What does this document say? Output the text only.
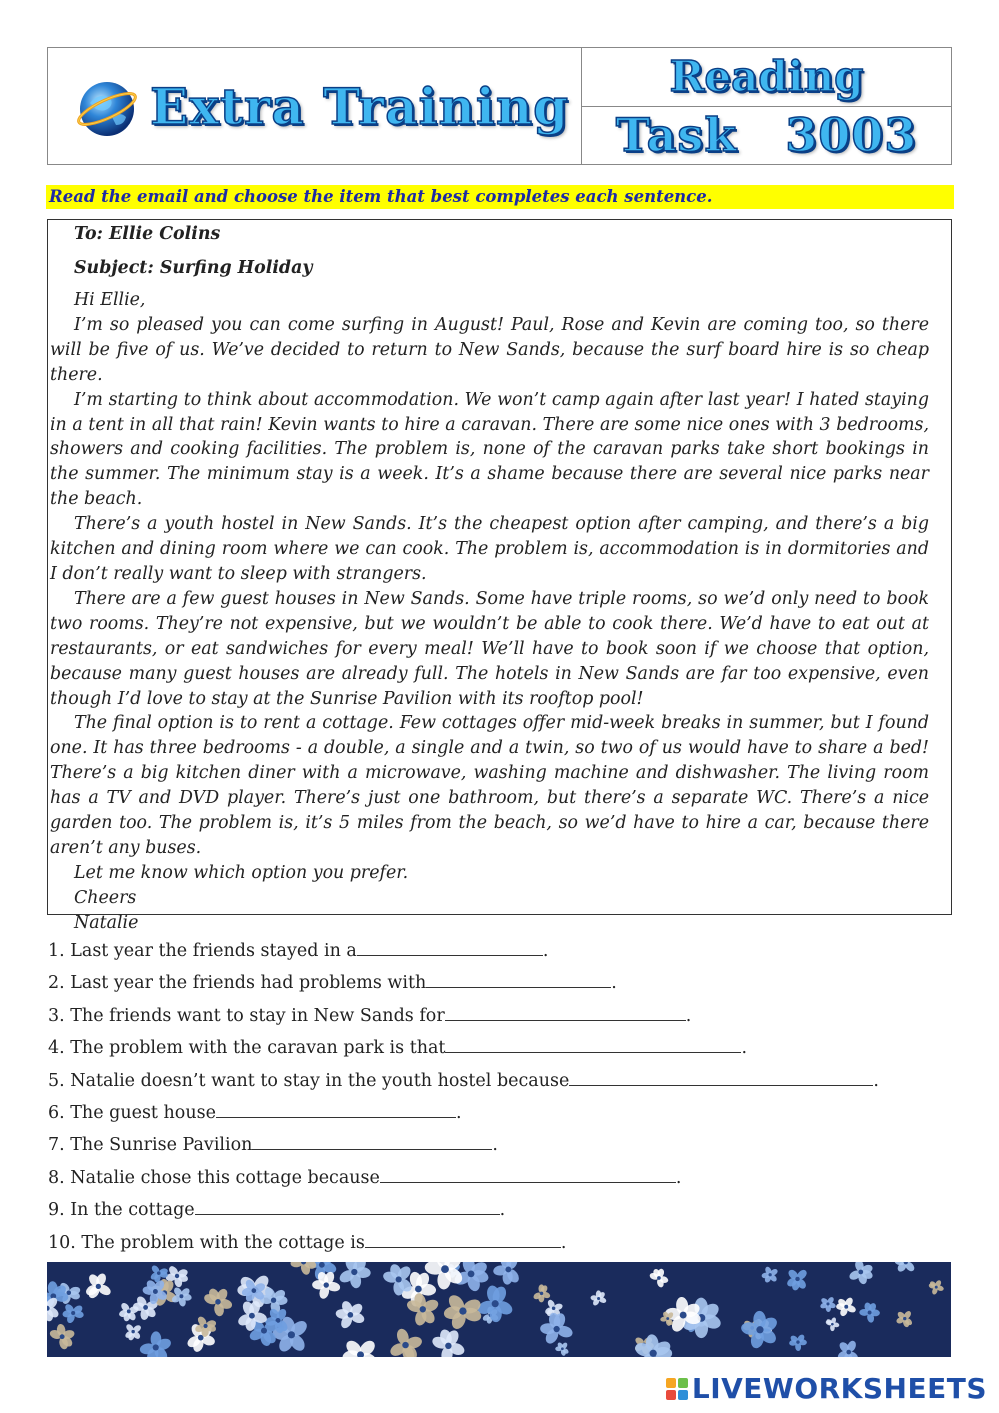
Extra Training	Reading
Task 3003
Read the email and choose the item that best completes each sentence.
To: Ellie Colins
Subject: Surfing Holiday

Hi Ellie,

I’m so pleased you can come surfing in August! Paul, Rose and Kevin are coming too, so there will be five of us. We’ve decided to return to New Sands, because the surf board hire is so cheap there.

I’m starting to think about accommodation. We won’t camp again after last year! I hated staying in a tent in all that rain! Kevin wants to hire a caravan. There are some nice ones with 3 bedrooms, showers and cooking facilities. The problem is, none of the caravan parks take short bookings in the summer. The minimum stay is a week. It’s a shame because there are several nice parks near the beach.

There’s a youth hostel in New Sands. It’s the cheapest option after camping, and there’s a big kitchen and dining room where we can cook. The problem is, accommodation is in dormitories and I don’t really want to sleep with strangers.

There are a few guest houses in New Sands. Some have triple rooms, so we’d only need to book two rooms. They’re not expensive, but we wouldn’t be able to cook there. We’d have to eat out at restaurants, or eat sandwiches for every meal! We’ll have to book soon if we choose that option, because many guest houses are already full. The hotels in New Sands are far too expensive, even though I’d love to stay at the Sunrise Pavilion with its rooftop pool!

The final option is to rent a cottage. Few cottages offer mid-week breaks in summer, but I found one. It has three bedrooms - a double, a single and a twin, so two of us would have to share a bed! There’s a big kitchen diner with a microwave, washing machine and dishwasher. The living room has a TV and DVD player. There’s just one bathroom, but there’s a separate WC. There’s a nice garden too. The problem is, it’s 5 miles from the beach, so we’d have to hire a car, because there aren’t any buses.

Let me know which option you prefer.

Cheers

Natalie

1. Last year the friends stayed in a	.
2. Last year the friends had problems with	.
3. The friends want to stay in New Sands for	.
4. The problem with the caravan park is that	.
5. Natalie doesn’t want to stay in the youth hostel because	.
6. The guest house	.
7. The Sunrise Pavilion	.
8. Natalie chose this cottage because	.
9. In the cottage	.
10. The problem with the cottage is	.
LIVEWORKSHEETS
